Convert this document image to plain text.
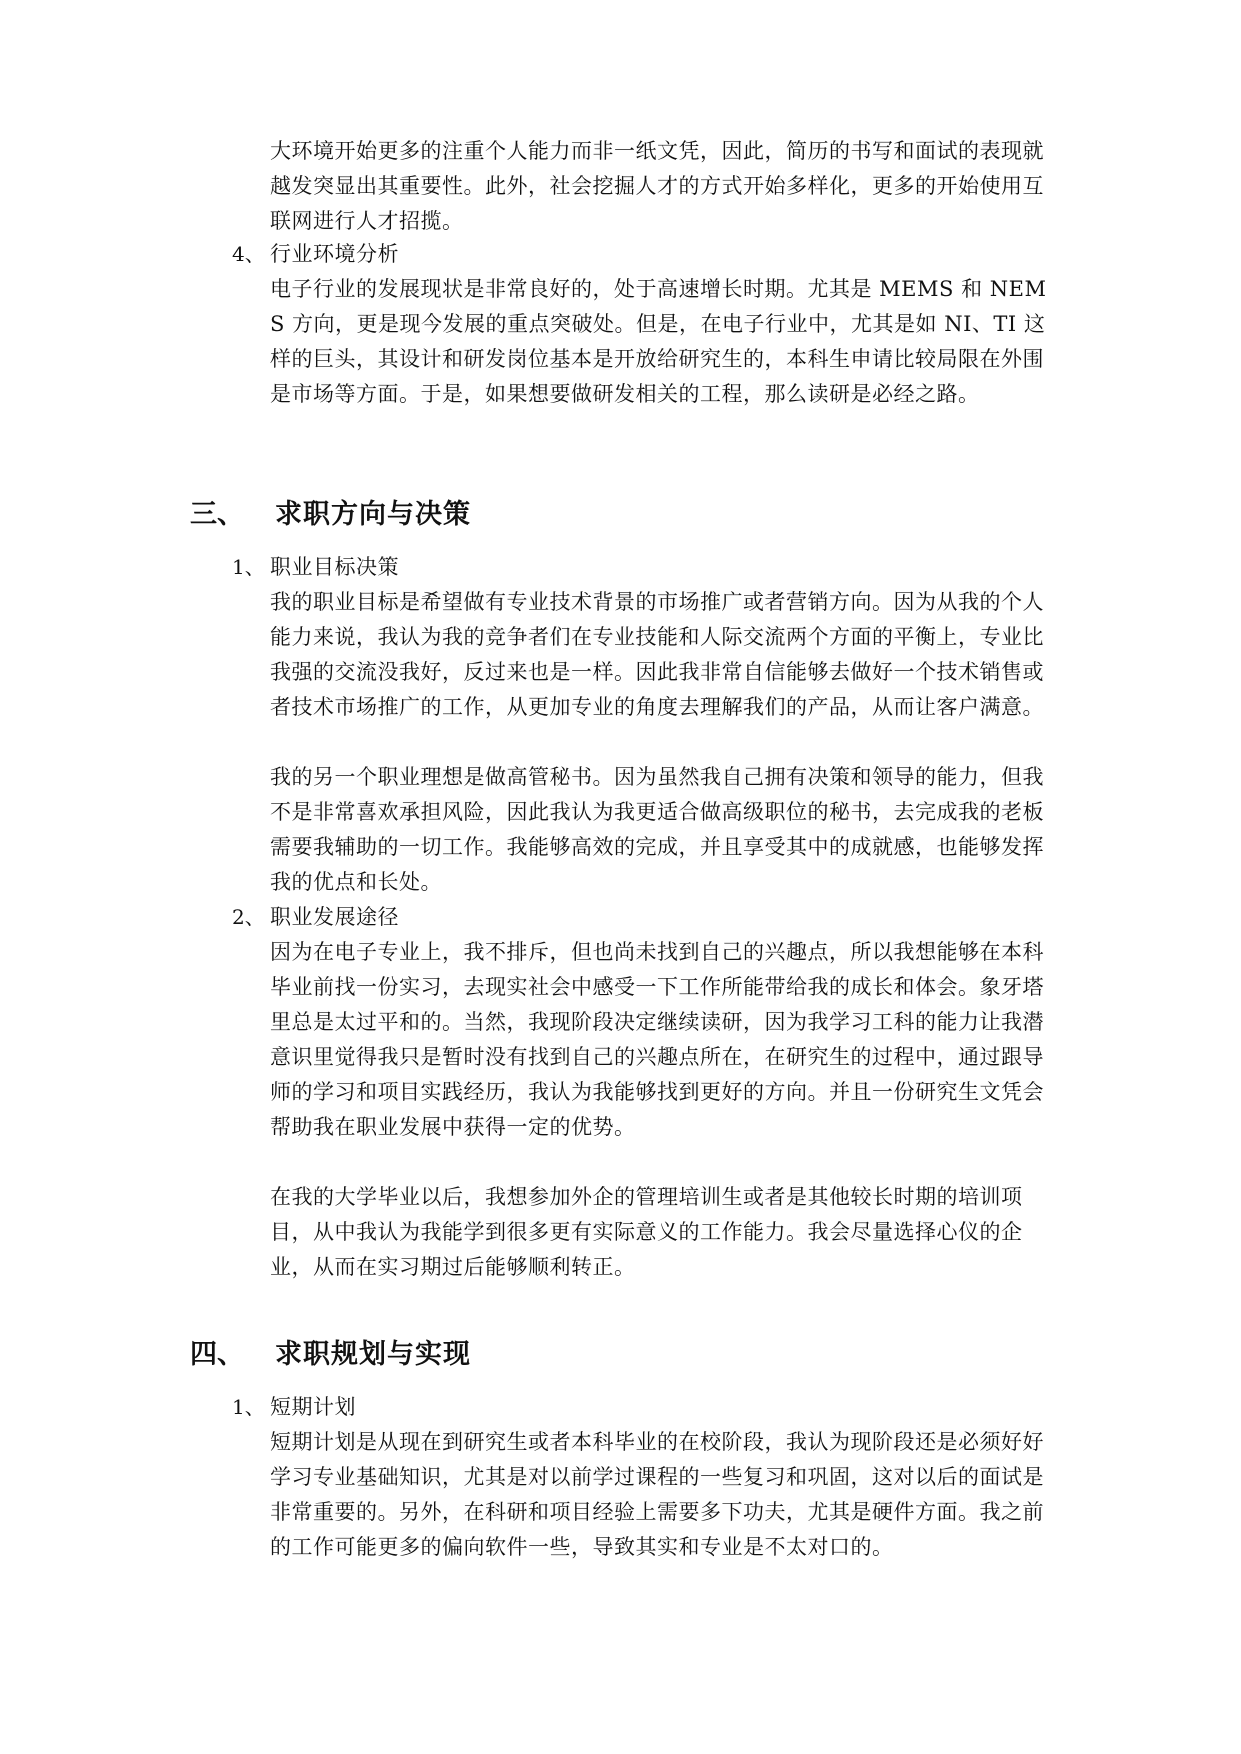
大环境开始更多的注重个人能力而非一纸文凭，因此，简历的书写和面试的表现就越发突显出其重要性。此外，社会挖掘人才的方式开始多样化，更多的开始使用互联网进行人才招揽。
4、 行业环境分析
电子行业的发展现状是非常良好的，处于高速增长时期。尤其是 MEMS 和 NEMS 方向，更是现今发展的重点突破处。但是，在电子行业中，尤其是如 NI、TI 这样的巨头，其设计和研发岗位基本是开放给研究生的，本科生申请比较局限在外围是市场等方面。于是，如果想要做研发相关的工程，那么读研是必经之路。
三、 求职方向与决策
1、 职业目标决策
我的职业目标是希望做有专业技术背景的市场推广或者营销方向。因为从我的个人能力来说，我认为我的竞争者们在专业技能和人际交流两个方面的平衡上，专业比我强的交流没我好，反过来也是一样。因此我非常自信能够去做好一个技术销售或者技术市场推广的工作，从更加专业的角度去理解我们的产品，从而让客户满意。
我的另一个职业理想是做高管秘书。因为虽然我自己拥有决策和领导的能力，但我不是非常喜欢承担风险，因此我认为我更适合做高级职位的秘书，去完成我的老板需要我辅助的一切工作。我能够高效的完成，并且享受其中的成就感，也能够发挥我的优点和长处。
2、 职业发展途径
因为在电子专业上，我不排斥，但也尚未找到自己的兴趣点，所以我想能够在本科毕业前找一份实习，去现实社会中感受一下工作所能带给我的成长和体会。象牙塔里总是太过平和的。当然，我现阶段决定继续读研，因为我学习工科的能力让我潜意识里觉得我只是暂时没有找到自己的兴趣点所在，在研究生的过程中，通过跟导师的学习和项目实践经历，我认为我能够找到更好的方向。并且一份研究生文凭会帮助我在职业发展中获得一定的优势。
在我的大学毕业以后，我想参加外企的管理培训生或者是其他较长时期的培训项目，从中我认为我能学到很多更有实际意义的工作能力。我会尽量选择心仪的企业，从而在实习期过后能够顺利转正。
四、 求职规划与实现
1、 短期计划
短期计划是从现在到研究生或者本科毕业的在校阶段，我认为现阶段还是必须好好学习专业基础知识，尤其是对以前学过课程的一些复习和巩固，这对以后的面试是非常重要的。另外，在科研和项目经验上需要多下功夫，尤其是硬件方面。我之前的工作可能更多的偏向软件一些，导致其实和专业是不太对口的。
